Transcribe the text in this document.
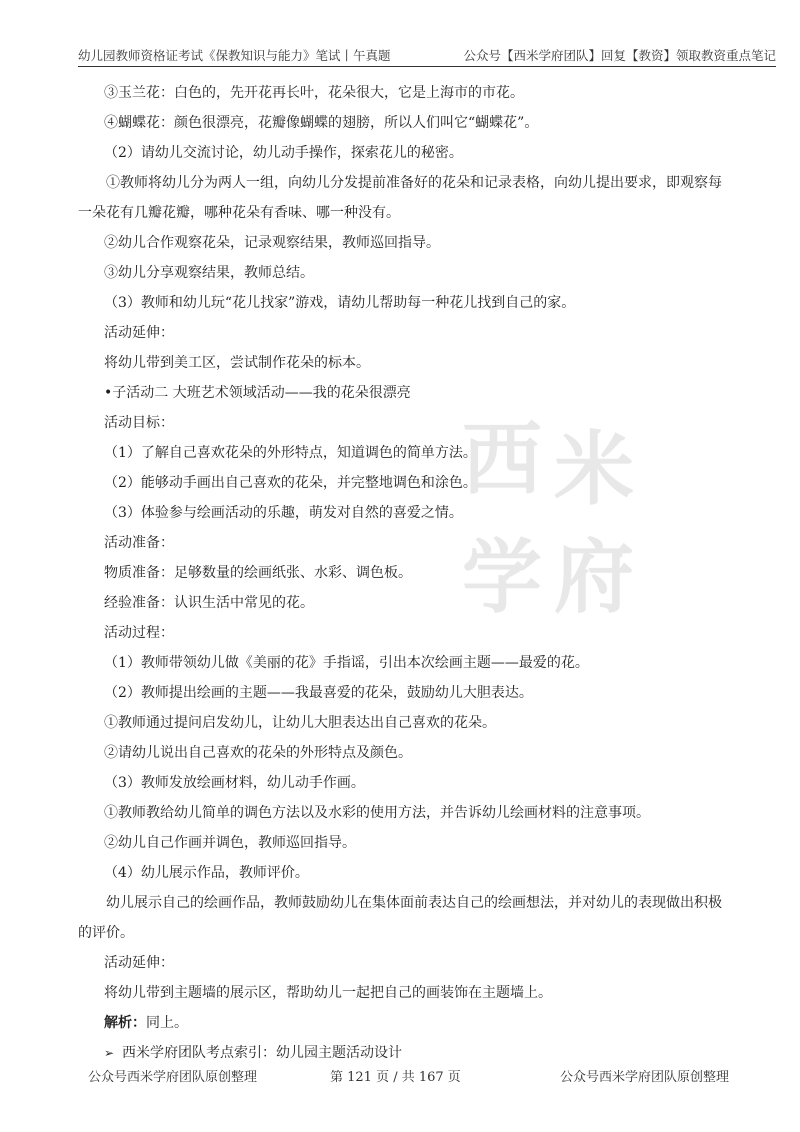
幼儿园教师资格证考试《保教知识与能力》笔试丨午真题	公众号【西米学府团队】回复【教资】领取教资重点笔记
西 米
学 府

③玉兰花：白色的，先开花再长叶，花朵很大，它是上海市的市花。

④蝴蝶花：颜色很漂亮，花瓣像蝴蝶的翅膀，所以人们叫它“蝴蝶花”。

（2）请幼儿交流讨论，幼儿动手操作，探索花儿的秘密。

①教师将幼儿分为两人一组，向幼儿分发提前准备好的花朵和记录表格，向幼儿提出要求，即观察每一朵花有几瓣花瓣，哪种花朵有香味、哪一种没有。

②幼儿合作观察花朵，记录观察结果，教师巡回指导。

③幼儿分享观察结果，教师总结。

（3）教师和幼儿玩“花儿找家”游戏，请幼儿帮助每一种花儿找到自己的家。

活动延伸：

将幼儿带到美工区，尝试制作花朵的标本。

•子活动二 大班艺术领域活动——我的花朵很漂亮

活动目标：

（1）了解自己喜欢花朵的外形特点，知道调色的简单方法。

（2）能够动手画出自己喜欢的花朵，并完整地调色和涂色。

（3）体验参与绘画活动的乐趣，萌发对自然的喜爱之情。

活动准备：

物质准备：足够数量的绘画纸张、水彩、调色板。

经验准备：认识生活中常见的花。

活动过程：

（1）教师带领幼儿做《美丽的花》手指谣，引出本次绘画主题——最爱的花。

（2）教师提出绘画的主题——我最喜爱的花朵，鼓励幼儿大胆表达。

①教师通过提问启发幼儿，让幼儿大胆表达出自己喜欢的花朵。

②请幼儿说出自己喜欢的花朵的外形特点及颜色。

（3）教师发放绘画材料，幼儿动手作画。

①教师教给幼儿简单的调色方法以及水彩的使用方法，并告诉幼儿绘画材料的注意事项。

②幼儿自己作画并调色，教师巡回指导。

（4）幼儿展示作品，教师评价。

幼儿展示自己的绘画作品，教师鼓励幼儿在集体面前表达自己的绘画想法，并对幼儿的表现做出积极的评价。

活动延伸：

将幼儿带到主题墙的展示区，帮助幼儿一起把自己的画装饰在主题墙上。

解析：同上。

➢ 西米学府团队考点索引：幼儿园主题活动设计

公众号西米学府团队原创整理	第 121 页 / 共 167 页	公众号西米学府团队原创整理
